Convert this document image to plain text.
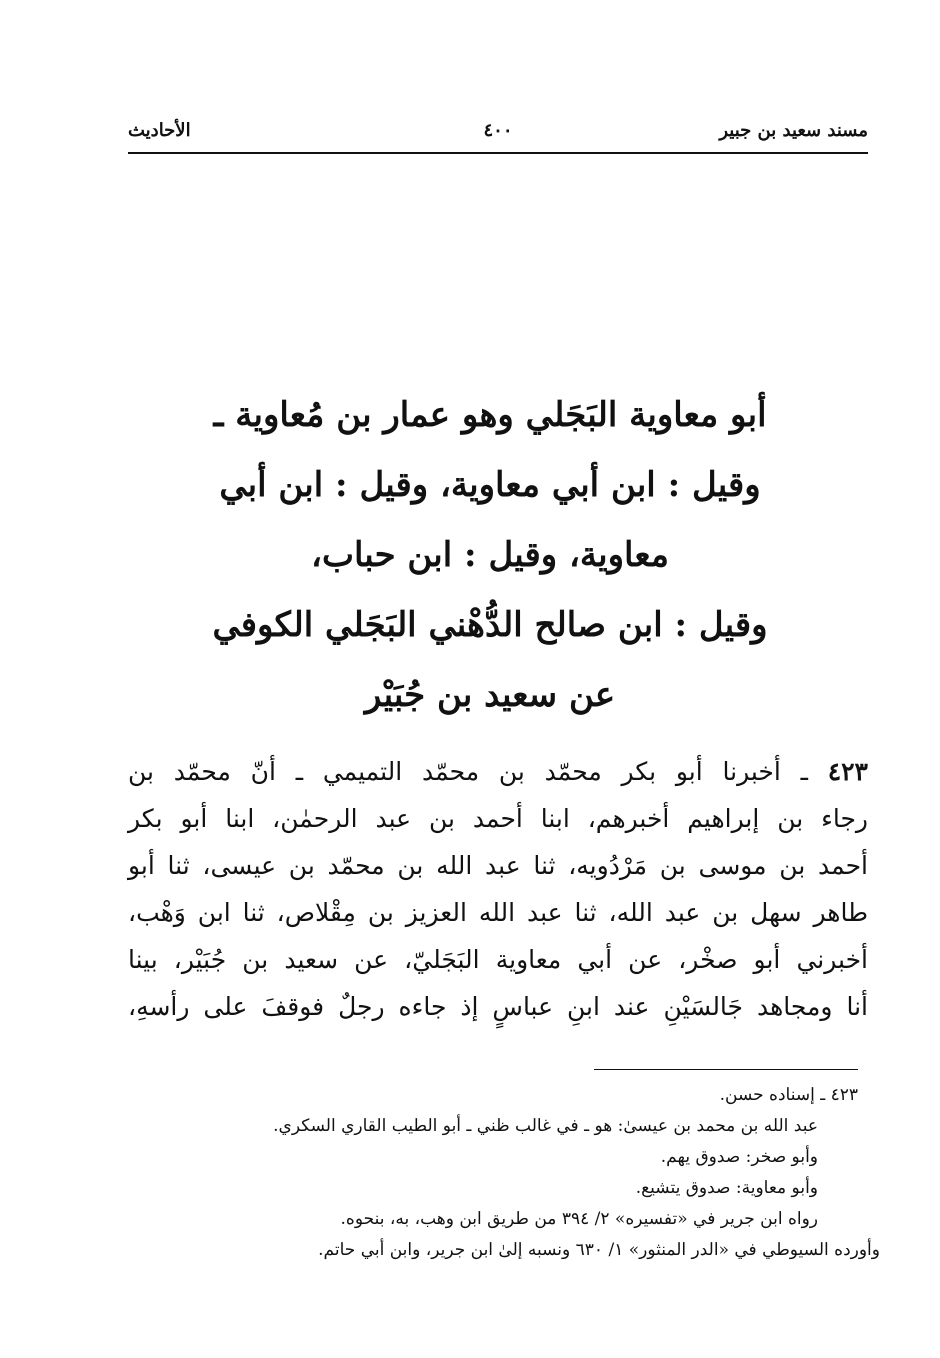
مسند سعيد بن جبير
٤٠٠
الأحاديث
أبو معاوية البَجَلي وهو عمار بن مُعاوية ـ
وقيل : ابن أبي معاوية، وقيل : ابن أبي
معاوية، وقيل : ابن حباب،
وقيل : ابن صالح الدُّهْني البَجَلي الكوفي
عن سعيد بن جُبَيْر
٤٢٣ ـ أخبرنا أبو بكر محمّد بن محمّد التميمي ـ أنّ محمّد بن
رجاء بن إبراهيم أخبرهم، ابنا أحمد بن عبد الرحمٰن، ابنا أبو بكر
أحمد بن موسى بن مَرْدُويه، ثنا عبد الله بن محمّد بن عيسى، ثنا أبو
طاهر سهل بن عبد الله، ثنا عبد الله العزيز بن مِقْلاص، ثنا ابن وَهْب،
أخبرني أبو صخْر، عن أبي معاوية البَجَليّ، عن سعيد بن جُبَيْر، بينا
أنا ومجاهد جَالسَيْنِ عند ابنِ عباسٍ إذ جاءه رجلٌ فوقفَ على رأسهِ،
٤٢٣ ـ إسناده حسن.
عبد الله بن محمد بن عيسىٰ: هو ـ في غالب ظني ـ أبو الطيب القاري السكري.
وأبو صخر: صدوق يهم.
وأبو معاوية: صدوق يتشيع.
رواه ابن جرير في «تفسيره» ٢/ ٣٩٤ من طريق ابن وهب، به، بنحوه.
وأورده السيوطي في «الدر المنثور» ١/ ٦٣٠ ونسبه إلىٰ ابن جرير، وابن أبي حاتم.
